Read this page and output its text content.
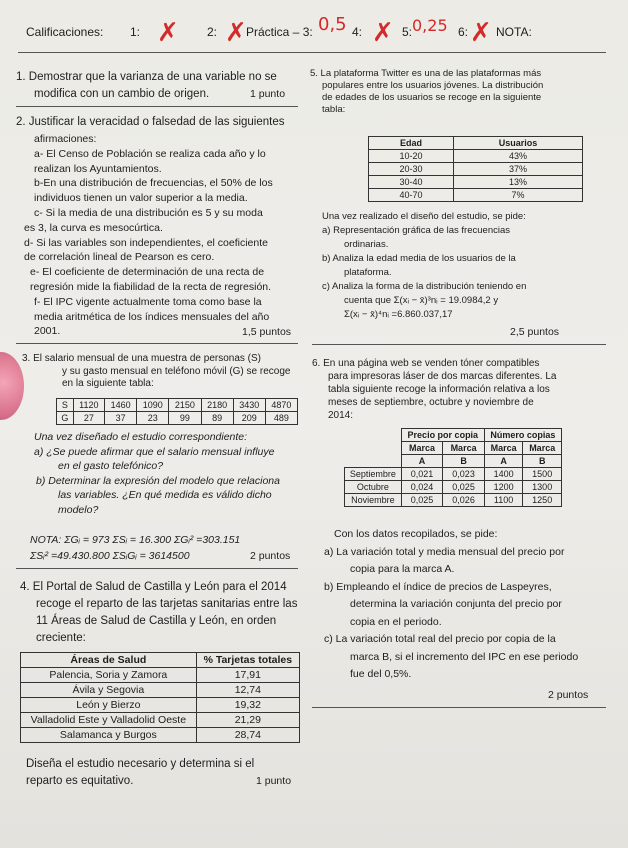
Calificaciones: 1: ✗ 2: ✗ Práctica – 3: 0,5 4: ✗ 5: 0,25 6: ✗ NOTA:
1. Demostrar que la varianza de una variable no se
modifica con un cambio de origen.	1 punto
2. Justificar la veracidad o falsedad de las siguientes
1,5 puntos
S	1120	1460	1090	2150	2180	3430	4870
G	27	37	23	99	89	209	489
NOTA: ΣGᵢ = 973 ΣSᵢ = 16.300 ΣGᵢ² =303.151
ΣSᵢ² =49.430.800 ΣSᵢGᵢ = 3614500	2 puntos
Áreas de Salud	% Tarjetas totales
Palencia, Soria y Zamora	17,91
Ávila y Segovia	12,74
León y Bierzo	19,32
Valladolid Este y Valladolid Oeste	21,29
Salamanca y Burgos	28,74
Diseña el estudio necesario y determina si el
reparto es equitativo.	1 punto
Edad	Usuarios
10-20	43%
20-30	37%
30-40	13%
40-70	7%
2,5 puntos
	Precio por copia		Número copias	
	Marca	Marca	Marca	Marca
	A	B	A	B
Septiembre	0,021	0,023	1400	1500
Octubre	0,024	0,025	1200	1300
Noviembre	0,025	0,026	1100	1250
2 puntos
afirmaciones:
a- El Censo de Población se realiza cada año y lo
realizan los Ayuntamientos.
b-En una distribución de frecuencias, el 50% de los
individuos tienen un valor superior a la media.
c- Si la media de una distribución es 5 y su moda
es 3, la curva es mesocúrtica.
d- Si las variables son independientes, el coeficiente
de correlación lineal de Pearson es cero.
e- El coeficiente de determinación de una recta de
regresión mide la fiabilidad de la recta de regresión.
f- El IPC vigente actualmente toma como base la
media aritmética de los índices mensuales del año
2001.
3. El salario mensual de una muestra de personas (S)
y su gasto mensual en teléfono móvil (G) se recoge
en la siguiente tabla:
Una vez diseñado el estudio correspondiente:
a) ¿Se puede afirmar que el salario mensual influye
en el gasto telefónico?
b) Determinar la expresión del modelo que relaciona
las variables. ¿En qué medida es válido dicho
modelo?
4. El Portal de Salud de Castilla y León para el 2014
recoge el reparto de las tarjetas sanitarias entre las
11 Áreas de Salud de Castilla y León, en orden
creciente:
5. La plataforma Twitter es una de las plataformas más
populares entre los usuarios jóvenes. La distribución
de edades de los usuarios se recoge en la siguiente
tabla:
Una vez realizado el diseño del estudio, se pide:
a) Representación gráfica de las frecuencias
ordinarias.
b) Analiza la edad media de los usuarios de la
plataforma.
c) Analiza la forma de la distribución teniendo en
cuenta que Σ(xᵢ − x̄)³nᵢ = 19.0984,2 y
Σ(xᵢ − x̄)⁴nᵢ =6.860.037,17
6. En una página web se venden tóner compatibles
para impresoras láser de dos marcas diferentes. La
tabla siguiente recoge la información relativa a los
meses de septiembre, octubre y noviembre de
2014:
Con los datos recopilados, se pide:
a) La variación total y media mensual del precio por
copia para la marca A.
b) Empleando el índice de precios de Laspeyres,
determina la variación conjunta del precio por
copia en el periodo.
c) La variación total real del precio por copia de la
marca B, si el incremento del IPC en ese periodo
fue del 0,5%.
